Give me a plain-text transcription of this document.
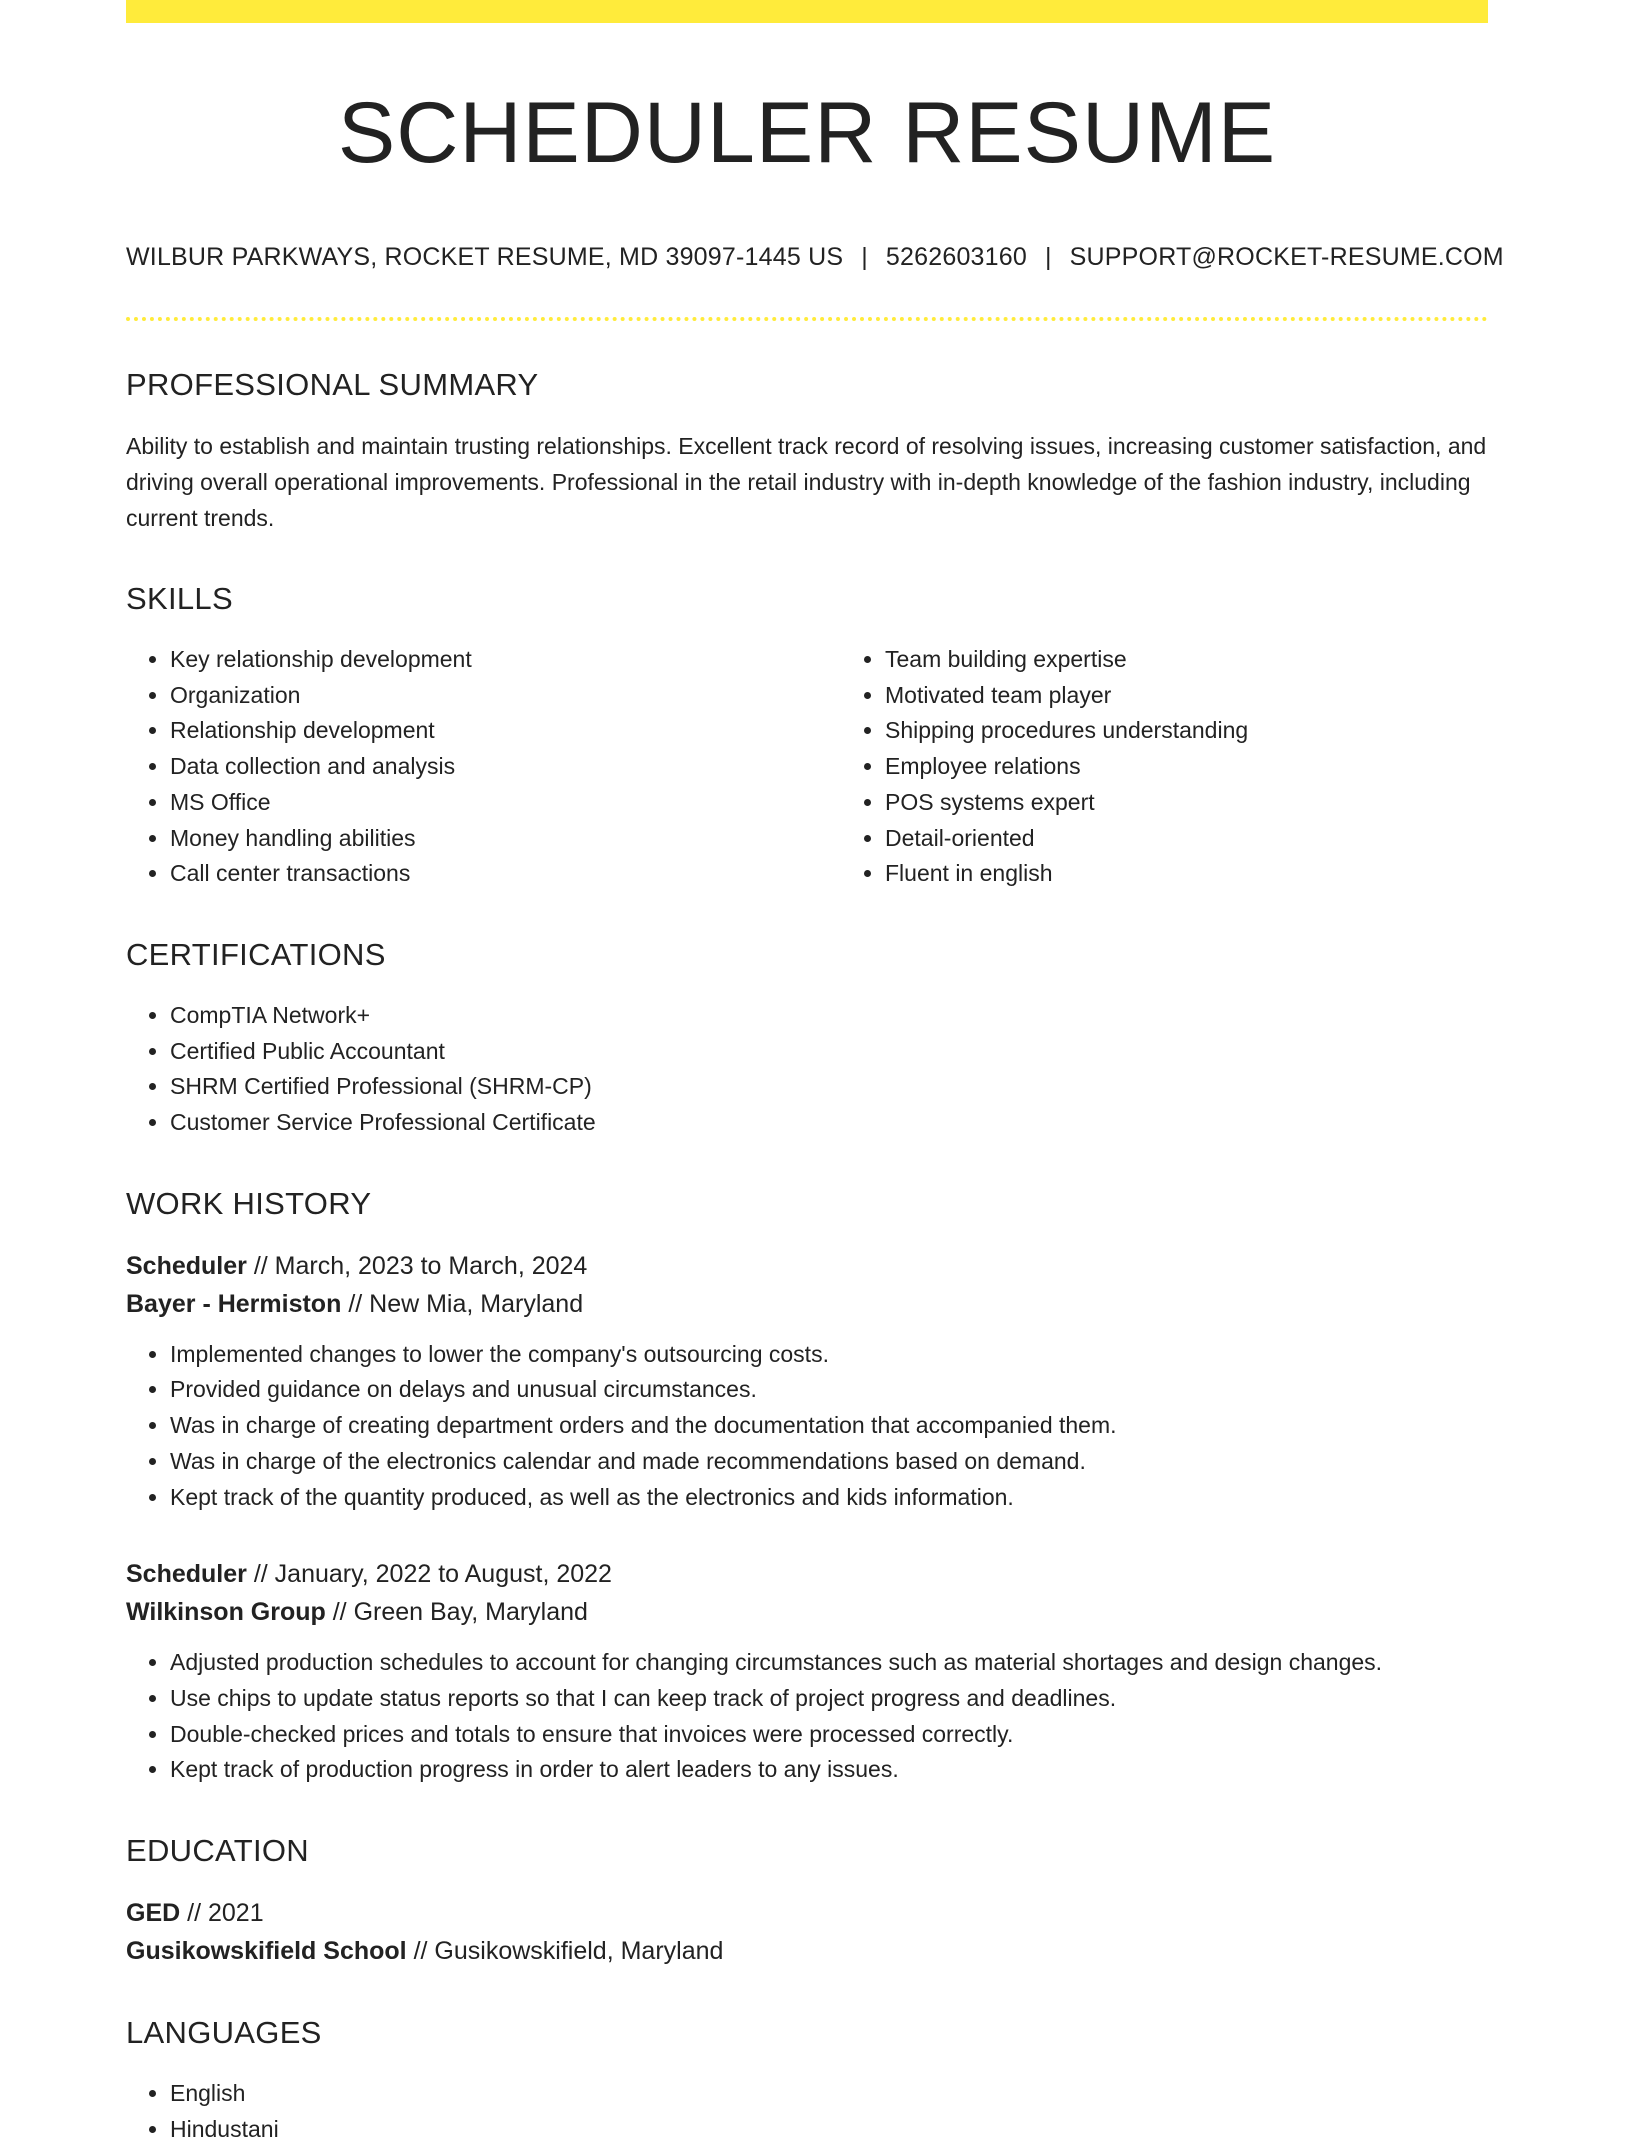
SCHEDULER RESUME
WILBUR PARKWAYS, ROCKET RESUME, MD 39097-1445 US | 5262603160 | SUPPORT@ROCKET-RESUME.COM
PROFESSIONAL SUMMARY

Ability to establish and maintain trusting relationships. Excellent track record of resolving issues, increasing customer satisfaction, and driving overall operational improvements. Professional in the retail industry with in-depth knowledge of the fashion industry, including current trends.

SKILLS
• Key relationship development
• Organization
• Relationship development
• Data collection and analysis
• MS Office
• Money handling abilities
• Call center transactions
• Team building expertise
• Motivated team player
• Shipping procedures understanding
• Employee relations
• POS systems expert
• Detail-oriented
• Fluent in english
CERTIFICATIONS
• CompTIA Network+
• Certified Public Accountant
• SHRM Certified Professional (SHRM-CP)
• Customer Service Professional Certificate
WORK HISTORY
Scheduler // March, 2023 to March, 2024
Bayer - Hermiston // New Mia, Maryland
• Implemented changes to lower the company's outsourcing costs.
• Provided guidance on delays and unusual circumstances.
• Was in charge of creating department orders and the documentation that accompanied them.
• Was in charge of the electronics calendar and made recommendations based on demand.
• Kept track of the quantity produced, as well as the electronics and kids information.
Scheduler // January, 2022 to August, 2022
Wilkinson Group // Green Bay, Maryland
• Adjusted production schedules to account for changing circumstances such as material shortages and design changes.
• Use chips to update status reports so that I can keep track of project progress and deadlines.
• Double-checked prices and totals to ensure that invoices were processed correctly.
• Kept track of production progress in order to alert leaders to any issues.
EDUCATION
GED // 2021
Gusikowskifield School // Gusikowskifield, Maryland
LANGUAGES
• English
• Hindustani
